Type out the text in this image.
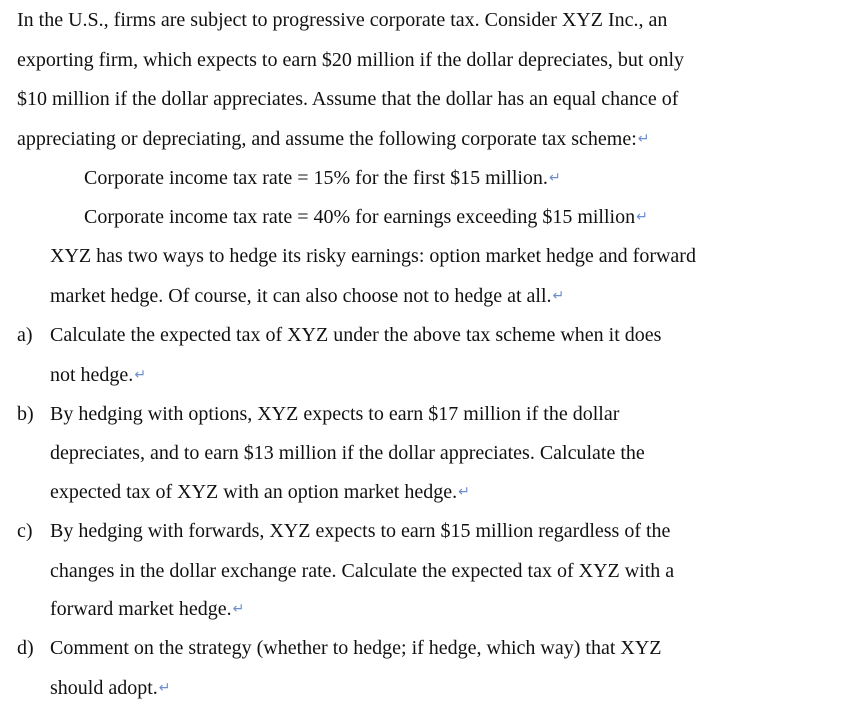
In the U.S., firms are subject to progressive corporate tax. Consider XYZ Inc., an
exporting firm, which expects to earn $20 million if the dollar depreciates, but only
$10 million if the dollar appreciates. Assume that the dollar has an equal chance of
appreciating or depreciating, and assume the following corporate tax scheme:↵
Corporate income tax rate = 15% for the first $15 million.↵
Corporate income tax rate = 40% for earnings exceeding $15 million↵
XYZ has two ways to hedge its risky earnings: option market hedge and forward
market hedge. Of course, it can also choose not to hedge at all.↵
a) Calculate the expected tax of XYZ under the above tax scheme when it does
not hedge.↵
b) By hedging with options, XYZ expects to earn $17 million if the dollar
depreciates, and to earn $13 million if the dollar appreciates. Calculate the
expected tax of XYZ with an option market hedge.↵
c) By hedging with forwards, XYZ expects to earn $15 million regardless of the
changes in the dollar exchange rate. Calculate the expected tax of XYZ with a
forward market hedge.↵
d) Comment on the strategy (whether to hedge; if hedge, which way) that XYZ
should adopt.↵
